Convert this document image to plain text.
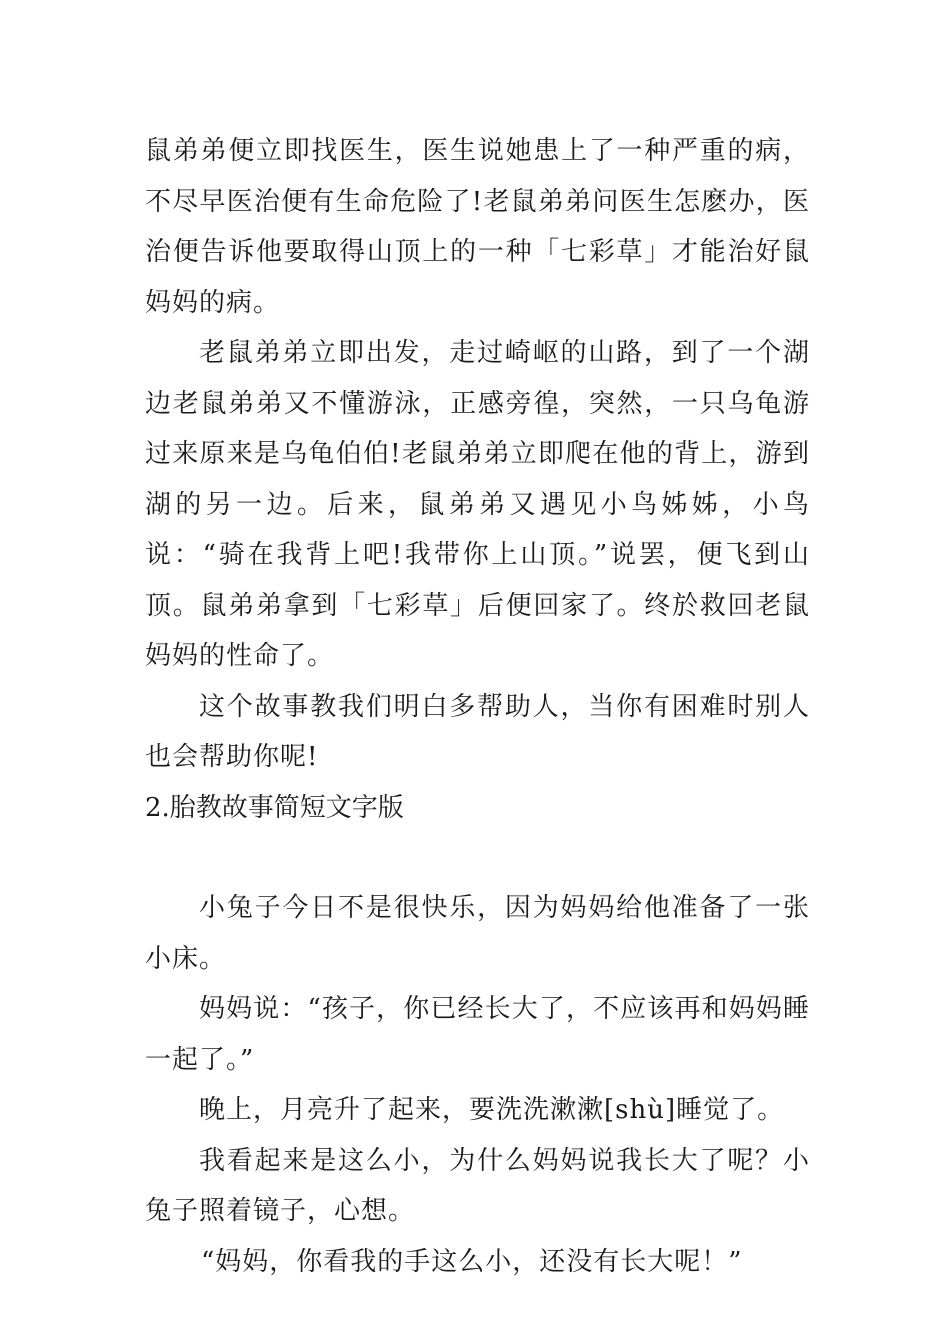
鼠弟弟便立即找医生，医生说她患上了一种严重的病，不尽早医治便有生命危险了!老鼠弟弟问医生怎麽办，医治便告诉他要取得山顶上的一种「七彩草」才能治好鼠妈妈的病。

老鼠弟弟立即出发，走过崎岖的山路，到了一个湖边老鼠弟弟又不懂游泳，正感旁徨，突然，一只乌龟游过来原来是乌龟伯伯!老鼠弟弟立即爬在他的背上，游到湖的另一边。后来，鼠弟弟又遇见小鸟姊姊，小鸟说：“骑在我背上吧!我带你上山顶。”说罢，便飞到山顶。鼠弟弟拿到「七彩草」后便回家了。终於救回老鼠妈妈的性命了。

这个故事教我们明白多帮助人，当你有困难时别人也会帮助你呢!

2.胎教故事简短文字版

小兔子今日不是很快乐，因为妈妈给他准备了一张小床。

妈妈说：“孩子，你已经长大了，不应该再和妈妈睡一起了。”

晚上，月亮升了起来，要洗洗漱漱[shù]睡觉了。

我看起来是这么小，为什么妈妈说我长大了呢？小兔子照着镜子，心想。

“妈妈，你看我的手这么小，还没有长大呢！”
